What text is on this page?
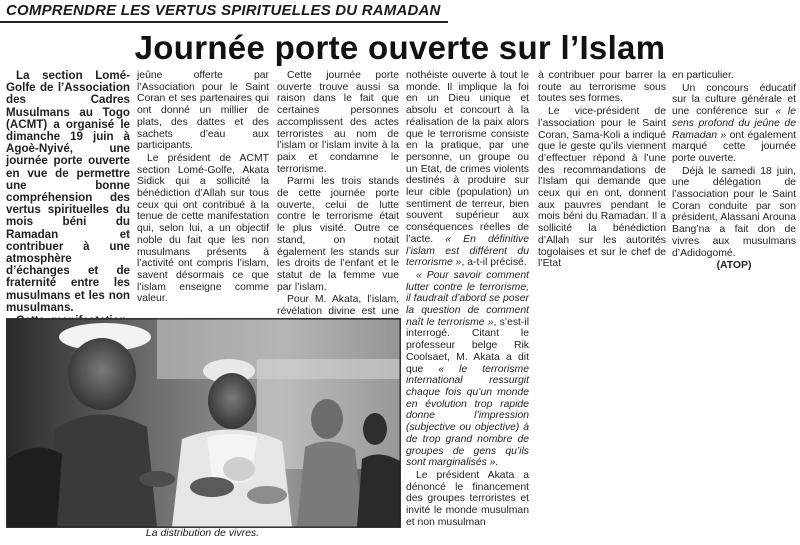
COMPRENDRE LES VERTUS SPIRITUELLES DU RAMADAN
Journée porte ouverte sur l’Islam

La section Lomé-Golfe de l’Association des Cadres Musulmans au Togo (ACMT) a organisé le dimanche 19 juin à Agoè-Nyivé, une journée porte ouverte en vue de permettre une bonne compréhension des vertus spirituelles du mois béni du Ramadan et contribuer à une atmosphère d’échanges et de fraternité entre les musulmans et les non musulmans.

jeûne offerte par l’Association pour le Saint Coran et ses partenaires qui ont donné un millier de plats, des dattes et des sachets d’eau aux participants.

Le président de ACMT section Lomé-Golfe, Akata Sidick qui a sollicité la bénédiction d’Allah sur tous ceux qui ont contribué à la tenue de cette manifestation qui, selon lui, a un objectif noble du fait que les non musulmans présents à l’activité ont compris l’islam, savent désormais ce que l’islam enseigne comme valeur.

Cette journée porte ouverte trouve aussi sa raison dans le fait que certaines personnes accomplissent des actes terroristes au nom de l’islam or l’islam invite à la paix et condamne le terrorisme.

Parmi les trois stands de cette journée porte ouverte, celui de lutte contre le terrorisme était le plus visité. Outre ce stand, on notait également les stands sur les droits de l’enfant et le statut de la femme vue par l’islam.

Pour M. Akata, l’islam, révélation divine est une

nothéiste ouverte à tout le monde. Il implique la foi en un Dieu unique et absolu et concourt à la réalisation de la paix alors que le terrorisme consiste en la pratique, par une personne, un groupe ou un Etat, de crimes violents destinés à produire sur leur cible (population) un sentiment de terreur, bien souvent supérieur aux conséquences réelles de l’acte. « En définitive l’islam est différent du terrorisme », a-t-il précisé.

« Pour savoir comment lutter contre le terrorisme, il faudrait d’abord se poser la question de comment naît le terrorisme », s’est-il interrogé. Citant le professeur belge Rik Coolsaet, M. Akata a dit que « le terrorisme international ressurgit chaque fois qu’un monde en évolution trop rapide donne l’impression (subjective ou objective) à de trop grand nombre de groupes de gens qu’ils sont marginalisés ».

Le président Akata a dénoncé le financement des groupes terroristes et invité le monde musulman et non musulman

à contribuer pour barrer la route au terrorisme sous toutes ses formes.

Le vice-président de l’association pour le Saint Coran, Sama-Koli a indiqué que le geste qu’ils viennent d’effectuer répond à l’une des recommandations de l’Islam qui demande que ceux qui en ont, donnent aux pauvres pendant le mois béni du Ramadan. Il a sollicité la bénédiction d’Allah sur les autorités togolaises et sur le chef de l’Etat

en particulier.

Un concours éducatif sur la culture générale et une conférence sur « le sens profond du jeûne de Ramadan » ont également marqué cette journée porte ouverte.

Déjà le samedi 18 juin, une délégation de l’association pour le Saint Coran conduite par son président, Alassani Arouna Bang’na a fait don de vivres aux musulmans d’Adidogomé.

(ATOP)

La distribution de vivres.
